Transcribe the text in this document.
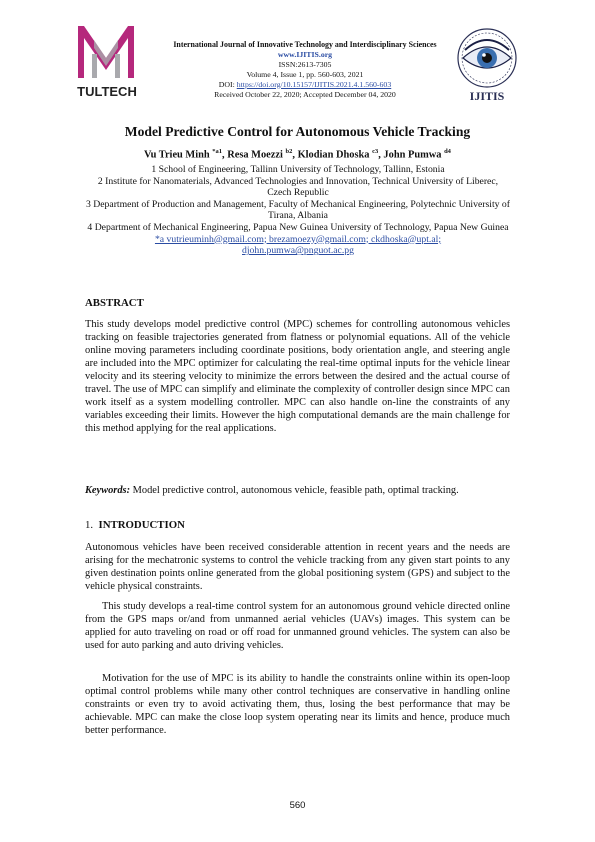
TULTECH
International Journal of Innovative Technology and Interdisciplinary Sciences
www.IJITIS.org
ISSN:2613-7305
Volume 4, Issue 1, pp. 560-603, 2021
DOI: https://doi.org/10.15157/IJITIS.2021.4.1.560-603
Received October 22, 2020; Accepted December 04, 2020	IJITIS
Model Predictive Control for Autonomous Vehicle Tracking
Vu Trieu Minh $^{*a1}$, Resa Moezzi $^{b2}$, Klodian Dhoska $^{c3}$, John Pumwa $^{d4}$

1 School of Engineering, Tallinn University of Technology, Tallinn, Estonia

2 Institute for Nanomaterials, Advanced Technologies and Innovation, Technical University of Liberec, Czech Republic

3 Department of Production and Management, Faculty of Mechanical Engineering, Polytechnic University of Tirana, Albania

4 Department of Mechanical Engineering, Papua New Guinea University of Technology, Papua New Guinea

*a vutrieuminh@gmail.com; brezamoezy@gmail.com; ckdhoska@upt.al;

djohn.pumwa@pnguot.ac.pg

ABSTRACT

This study develops model predictive control (MPC) schemes for controlling autonomous vehicles tracking on feasible trajectories generated from flatness or polynomial equations. All of the vehicle online moving parameters including coordinate positions, body orientation angle, and steering angle are included into the MPC optimizer for calculating the real-time optimal inputs for the vehicle linear velocity and its steering velocity to minimize the errors between the desired and the actual course of travel. The use of MPC can simplify and eliminate the complexity of controller design since MPC can work itself as a system modelling controller. MPC can also handle on-line the constraints of any variables exceeding their limits. However the high computational demands are the main challenge for this method applying for the real applications.

Keywords: Model predictive control, autonomous vehicle, feasible path, optimal tracking.

1. INTRODUCTION

Autonomous vehicles have been received considerable attention in recent years and the needs are arising for the mechatronic systems to control the vehicle tracking from any given start points to any given destination points online generated from the global positioning system (GPS) and subject to the vehicle physical constraints.

This study develops a real-time control system for an autonomous ground vehicle directed online from the GPS maps or/and from unmanned aerial vehicles (UAVs) images. This system can be applied for auto traveling on road or off road for unmanned ground vehicles. The system can also be used for auto parking and auto driving vehicles.

Motivation for the use of MPC is its ability to handle the constraints online within its open-loop optimal control problems while many other control techniques are conservative in handling online constraints or even try to avoid activating them, thus, losing the best performance that may be achievable. MPC can make the close loop system operating near its limits and hence, produce much better performance.

560
